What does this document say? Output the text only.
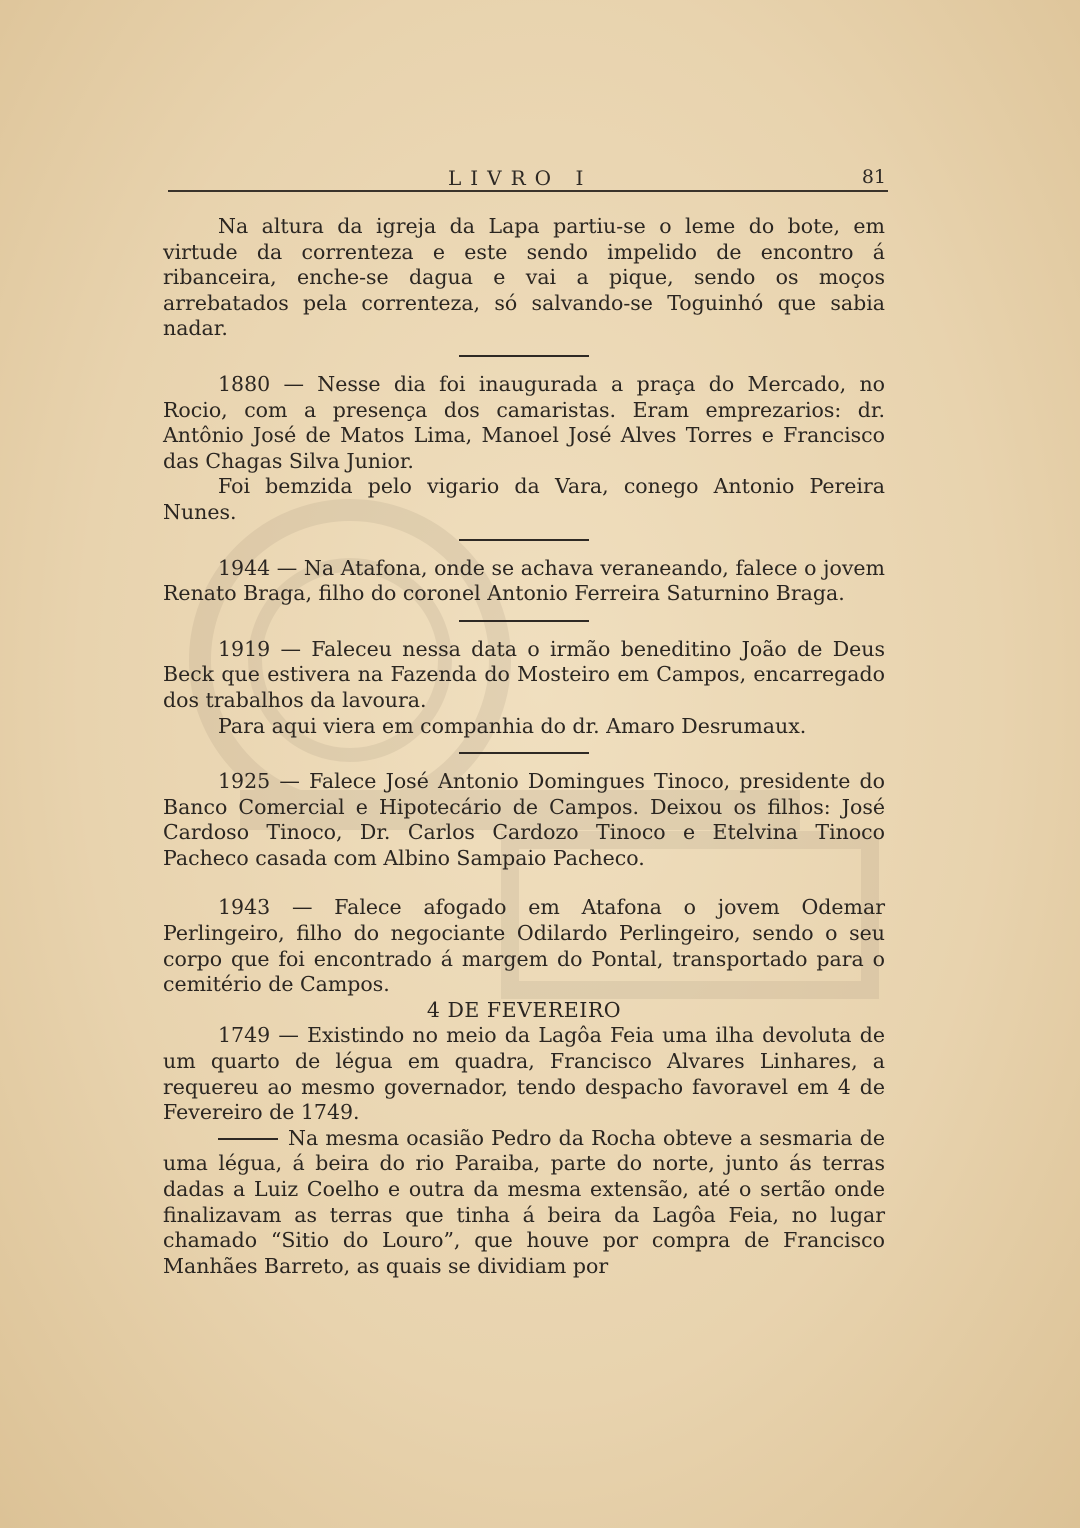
LIVRO I	81

Na altura da igreja da Lapa partiu-se o leme do bote, em virtude da correnteza e este sendo impelido de encontro á ribanceira, enche-se dagua e vai a pique, sendo os moços arrebatados pela correnteza, só salvando-se Toguinhó que sabia nadar.

1880 — Nesse dia foi inaugurada a praça do Mercado, no Rocio, com a presença dos camaristas. Eram emprezarios: dr. Antônio José de Matos Lima, Manoel José Alves Torres e Francisco das Chagas Silva Junior.

Foi bemzida pelo vigario da Vara, conego Antonio Pereira Nunes.

1944 — Na Atafona, onde se achava veraneando, falece o jovem Renato Braga, filho do coronel Antonio Ferreira Saturnino Braga.

1919 — Faleceu nessa data o irmão beneditino João de Deus Beck que estivera na Fazenda do Mosteiro em Campos, encarregado dos trabalhos da lavoura.

Para aqui viera em companhia do dr. Amaro Desrumaux.

1925 — Falece José Antonio Domingues Tinoco, presidente do Banco Comercial e Hipotecário de Campos. Deixou os filhos: José Cardoso Tinoco, Dr. Carlos Cardozo Tinoco e Etelvina Tinoco Pacheco casada com Albino Sampaio Pacheco.

1943 — Falece afogado em Atafona o jovem Odemar Perlingeiro, filho do negociante Odilardo Perlingeiro, sendo o seu corpo que foi encontrado á margem do Pontal, transportado para o cemitério de Campos.

4 DE FEVEREIRO

1749 — Existindo no meio da Lagôa Feia uma ilha devoluta de um quarto de légua em quadra, Francisco Alvares Linhares, a requereu ao mesmo governador, tendo despacho favoravel em 4 de Fevereiro de 1749.

Na mesma ocasião Pedro da Rocha obteve a sesmaria de uma légua, á beira do rio Paraiba, parte do norte, junto ás terras dadas a Luiz Coelho e outra da mesma extensão, até o sertão onde finalizavam as terras que tinha á beira da Lagôa Feia, no lugar chamado “Sitio do Louro”, que houve por compra de Francisco Manhães Barreto, as quais se dividiam por
